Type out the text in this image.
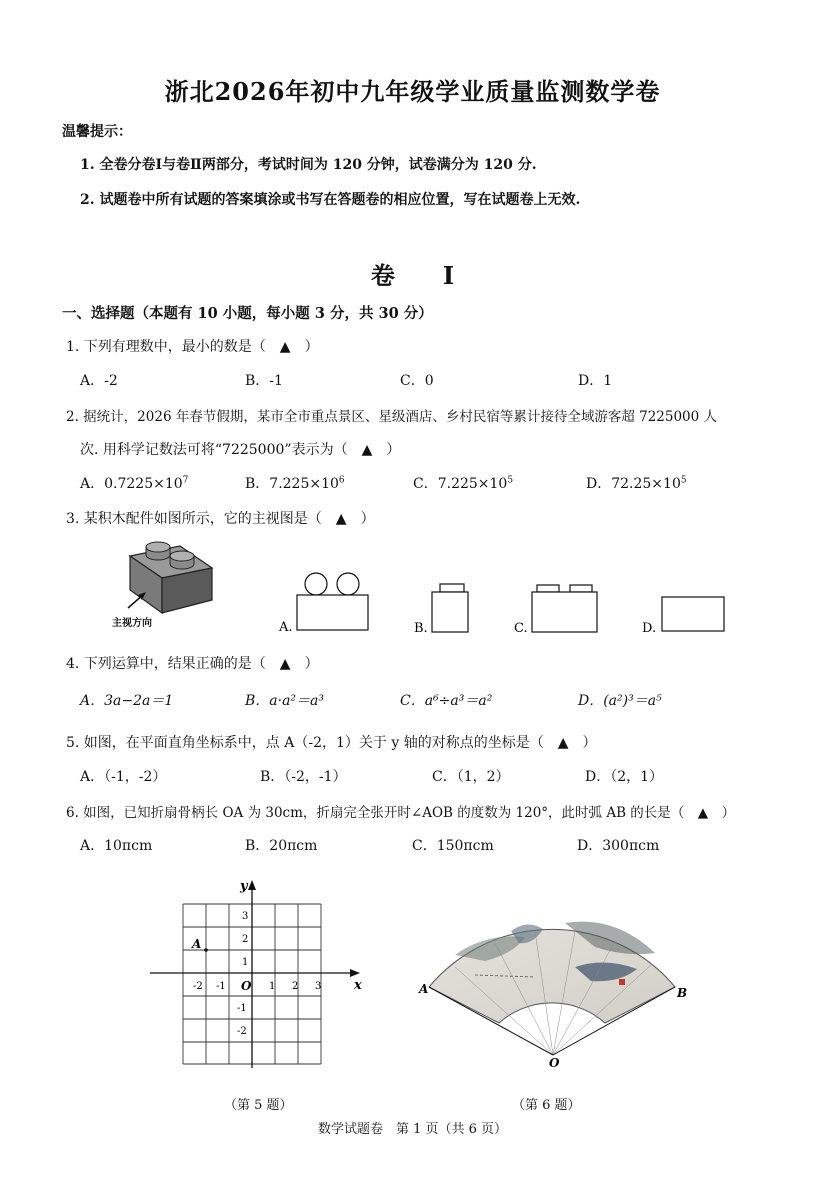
浙北2026年初中九年级学业质量监测数学卷
温馨提示：
1. 全卷分卷Ⅰ与卷Ⅱ两部分，考试时间为 120 分钟，试卷满分为 120 分.
2. 试题卷中所有试题的答案填涂或书写在答题卷的相应位置，写在试题卷上无效.
卷　　Ⅰ
一、选择题（本题有 10 小题，每小题 3 分，共 30 分）
1. 下列有理数中，最小的数是（　▲　）
A．-2	B．-1	C．0	D．1
2. 据统计，2026 年春节假期，某市全市重点景区、星级酒店、乡村民宿等累计接待全域游客超 7225000 人
次. 用科学记数法可将“7225000”表示为（　▲　）
A．$0.7225\times 10^7$	B．$7.225\times 10^6$	C．$7.225\times 10^5$	D．$72.25\times 10^5$
3. 某积木配件如图所示，它的主视图是（　▲　）
主视方向	A.	B.	C.	D.
4. 下列运算中，结果正确的是（　▲　）
A．3a−2a＝1	B．a·a²＝a³	C．a⁶÷a³＝a²	D．(a²)³＝a⁵
5. 如图，在平面直角坐标系中，点 A（-2，1）关于 y 轴的对称点的坐标是（　▲　）
A．（-1，-2）	B．（-2，-1）	C．（1，2）	D．（2，1）
6. 如图，已知折扇骨柄长 OA 为 30cm，折扇完全张开时∠AOB 的度数为 120°，此时弧 AB 的长是（　▲　）
A．10πcm	B．20πcm	C．150πcm	D．300πcm
x
y
O
-2 -1	1 2 3
3
2
1
-1
-2
A
（第 5 题）
A	B
O
（第 6 题）
数学试题卷　第 1 页（共 6 页）
